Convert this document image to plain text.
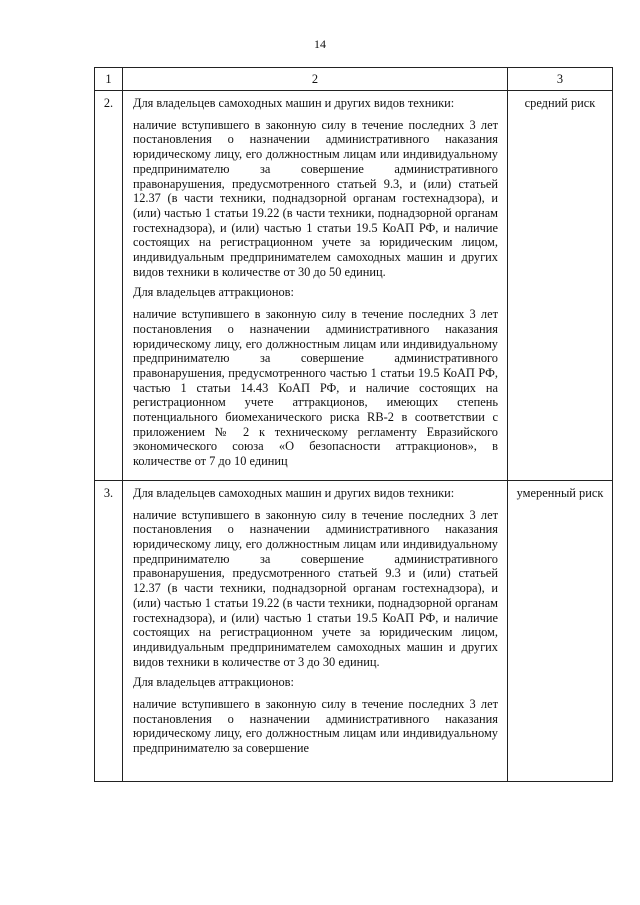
14
1	2	3
2.	Для владельцев самоходных машин и других видов техники:

наличие вступившего в законную силу в течение последних 3 лет постановления о назначении административного наказания юридическому лицу, его должностным лицам или индивидуальному предпринимателю за совершение административного правонарушения, предусмотренного статьей 9.3, и (или) статьей 12.37 (в части техники, поднадзорной органам гостехнадзора), и (или) частью 1 статьи 19.22 (в части техники, поднадзорной органам гостехнадзора), и (или) частью 1 статьи 19.5 КоАП РФ, и наличие состоящих на регистрационном учете за юридическим лицом, индивидуальным предпринимателем самоходных машин и других видов техники в количестве от 30 до 50 единиц.

Для владельцев аттракционов:

наличие вступившего в законную силу в течение последних 3 лет постановления о назначении административного наказания юридическому лицу, его должностным лицам или индивидуальному предпринимателю за совершение административного правонарушения, предусмотренного частью 1 статьи 19.5 КоАП РФ, частью 1 статьи 14.43 КоАП РФ, и наличие состоящих на регистрационном учете аттракционов, имеющих степень потенциального биомеханического риска RB-2 в соответствии с приложением № 2 к техническому регламенту Евразийского экономического союза «О безопасности аттракционов», в количестве от 7 до 10 единиц	средний риск
3.	Для владельцев самоходных машин и других видов техники:

наличие вступившего в законную силу в течение последних 3 лет постановления о назначении административного наказания юридическому лицу, его должностным лицам или индивидуальному предпринимателю за совершение административного правонарушения, предусмотренного статьей 9.3 и (или) статьей 12.37 (в части техники, поднадзорной органам гостехнадзора), и (или) частью 1 статьи 19.22 (в части техники, поднадзорной органам гостехнадзора), и (или) частью 1 статьи 19.5 КоАП РФ, и наличие состоящих на регистрационном учете за юридическим лицом, индивидуальным предпринимателем самоходных машин и других видов техники в количестве от 3 до 30 единиц.

Для владельцев аттракционов:

наличие вступившего в законную силу в течение последних 3 лет постановления о назначении административного наказания юридическому лицу, его должностным лицам или индивидуальному предпринимателю за совершение	умеренный риск
